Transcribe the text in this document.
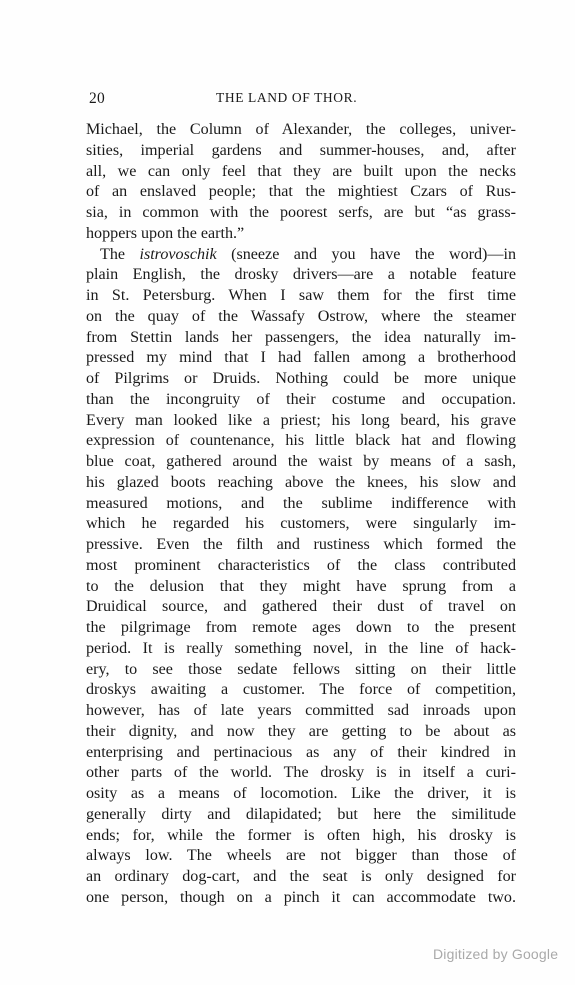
20	THE LAND OF THOR.
Michael, the Column of Alexander, the colleges, univer-
sities, imperial gardens and summer-houses, and, after
all, we can only feel that they are built upon the necks
of an enslaved people; that the mightiest Czars of Rus-
sia, in common with the poorest serfs, are but “as grass-
hoppers upon the earth.”
The istrovoschik (sneeze and you have the word)—in
plain English, the drosky drivers—are a notable feature
in St. Petersburg. When I saw them for the first time
on the quay of the Wassafy Ostrow, where the steamer
from Stettin lands her passengers, the idea naturally im-
pressed my mind that I had fallen among a brotherhood
of Pilgrims or Druids. Nothing could be more unique
than the incongruity of their costume and occupation.
Every man looked like a priest; his long beard, his grave
expression of countenance, his little black hat and flowing
blue coat, gathered around the waist by means of a sash,
his glazed boots reaching above the knees, his slow and
measured motions, and the sublime indifference with
which he regarded his customers, were singularly im-
pressive. Even the filth and rustiness which formed the
most prominent characteristics of the class contributed
to the delusion that they might have sprung from a
Druidical source, and gathered their dust of travel on
the pilgrimage from remote ages down to the present
period. It is really something novel, in the line of hack-
ery, to see those sedate fellows sitting on their little
droskys awaiting a customer. The force of competition,
however, has of late years committed sad inroads upon
their dignity, and now they are getting to be about as
enterprising and pertinacious as any of their kindred in
other parts of the world. The drosky is in itself a curi-
osity as a means of locomotion. Like the driver, it is
generally dirty and dilapidated; but here the similitude
ends; for, while the former is often high, his drosky is
always low. The wheels are not bigger than those of
an ordinary dog-cart, and the seat is only designed for
one person, though on a pinch it can accommodate two.
Digitized by Google
